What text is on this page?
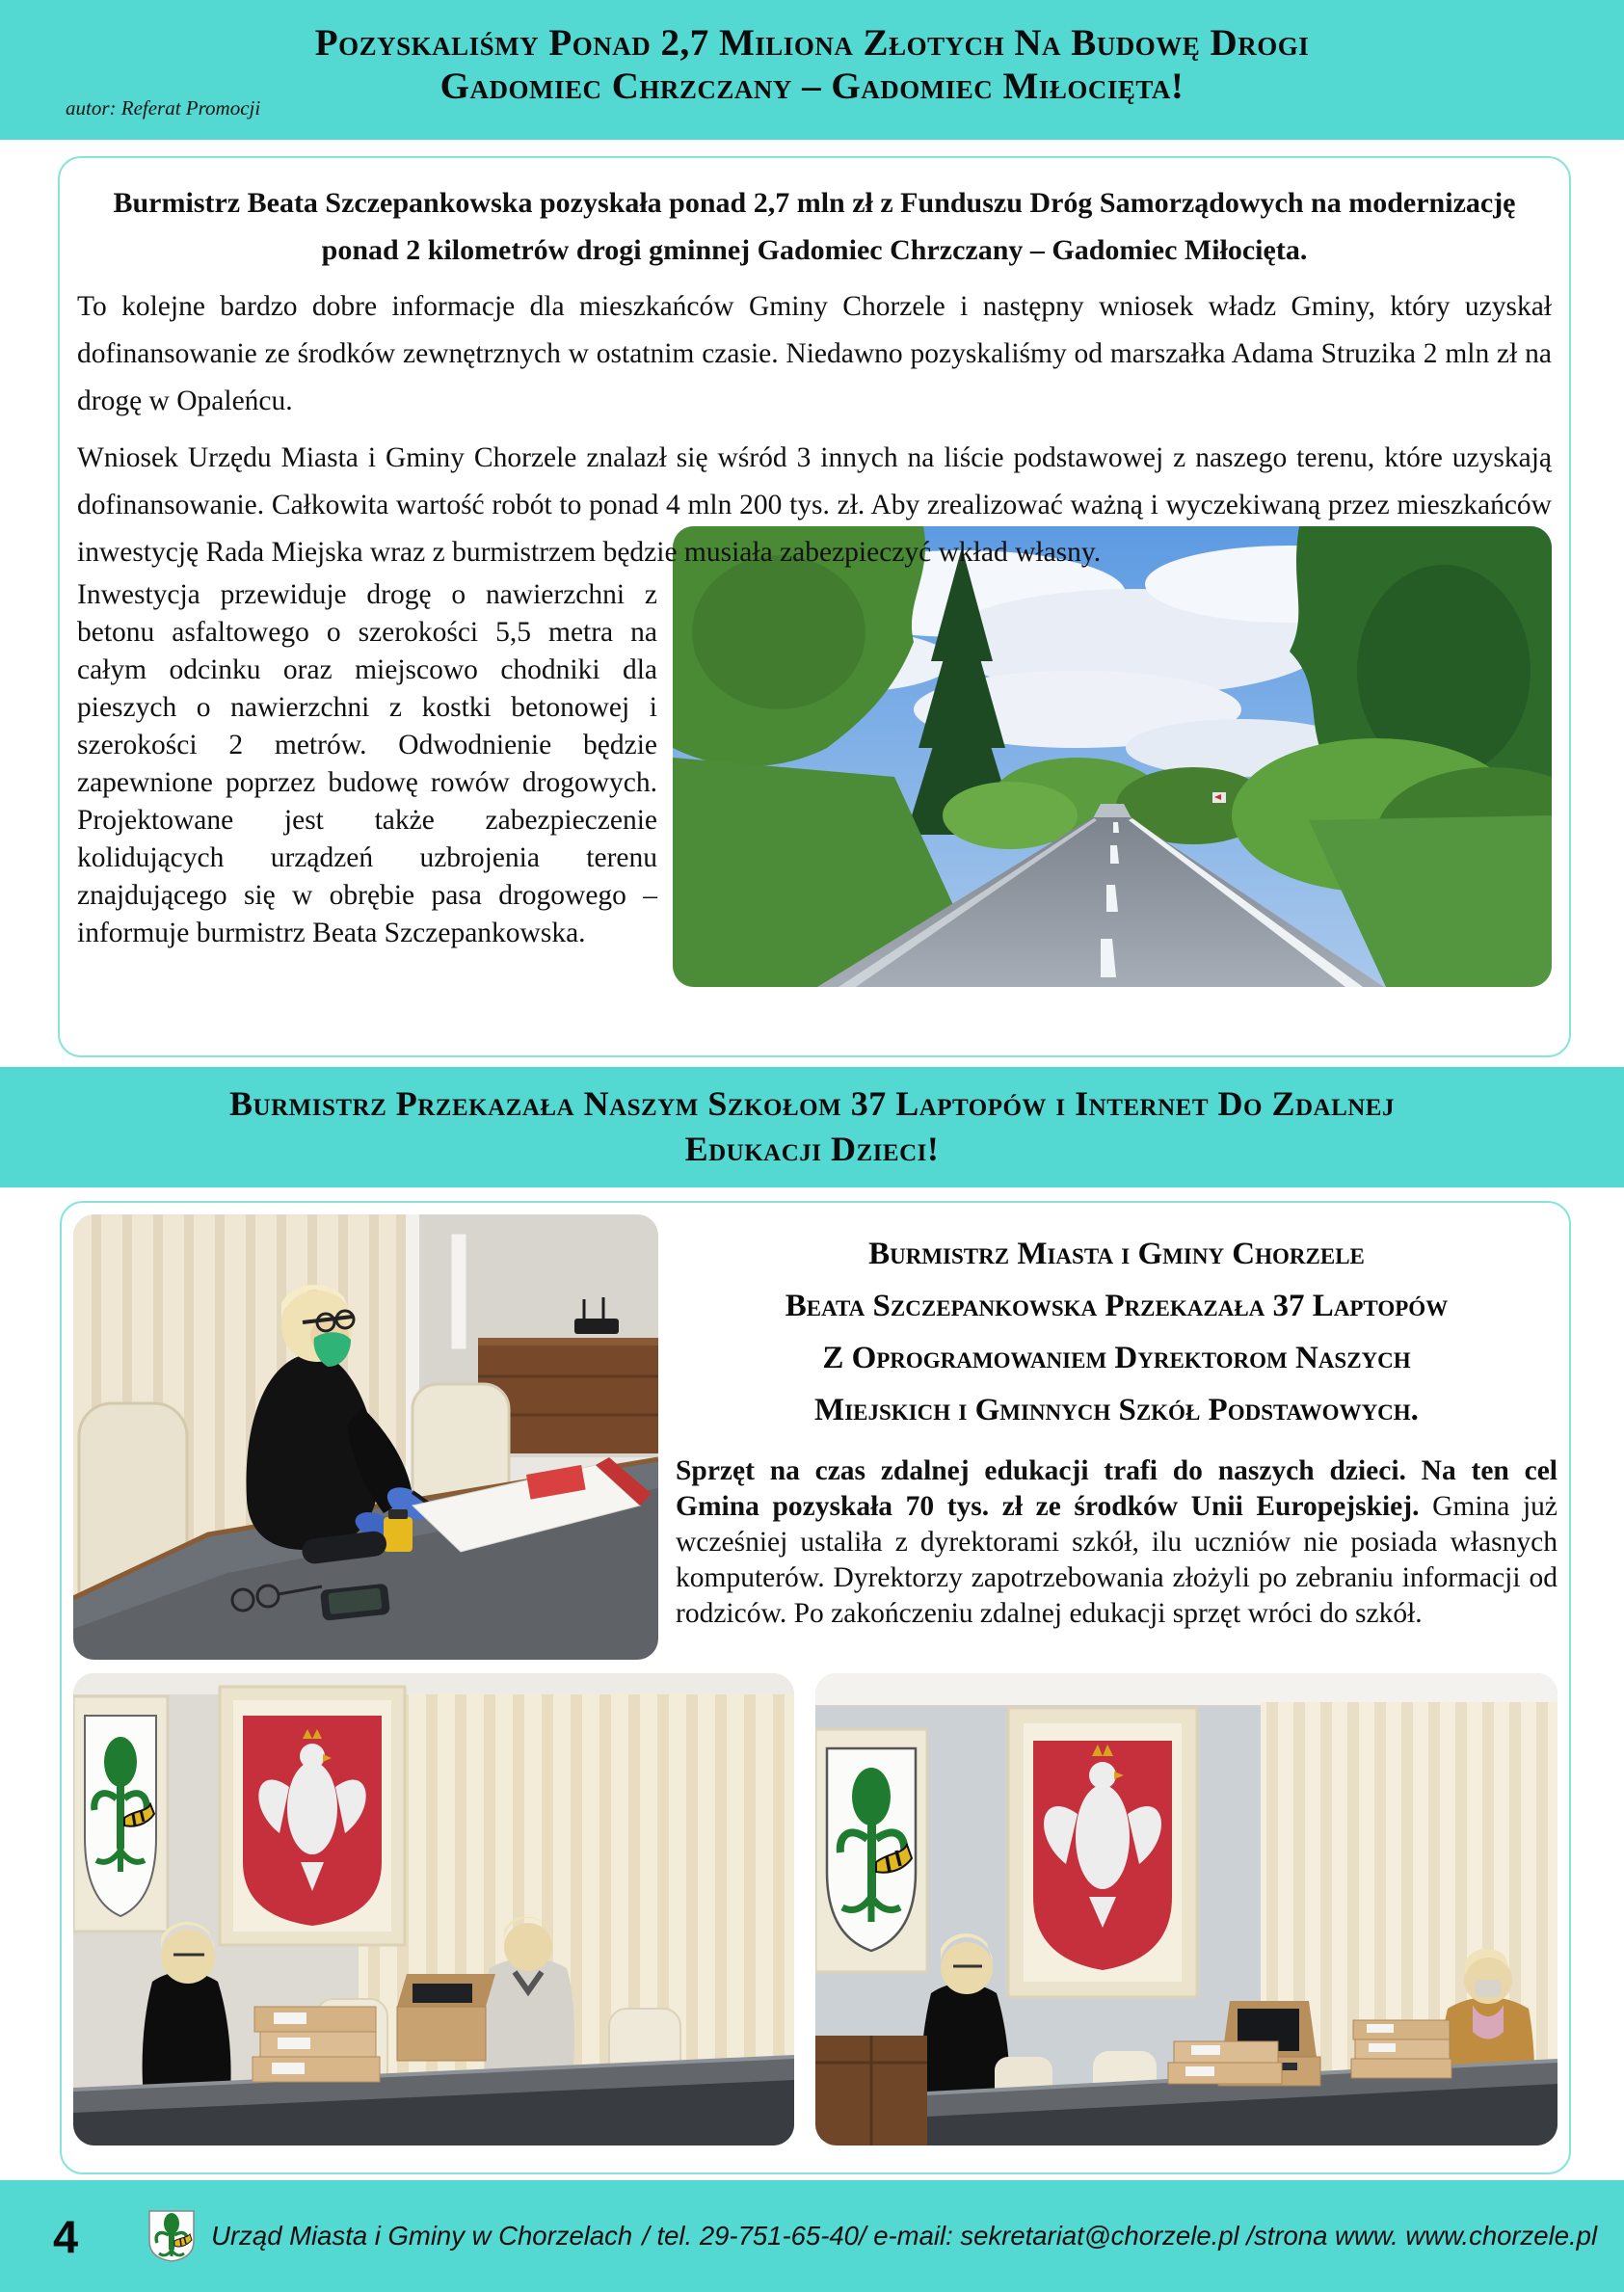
Pozyskaliśmy Ponad 2,7 Miliona Złotych Na Budowę Drogi
Gadomiec Chrzczany – Gadomiec Miłocięta!
autor: Referat Promocji

Burmistrz Beata Szczepankowska pozyskała ponad 2,7 mln zł z Funduszu Dróg Samorządowych na modernizację ponad 2 kilometrów drogi gminnej Gadomiec Chrzczany – Gadomiec Miłocięta.

To kolejne bardzo dobre informacje dla mieszkańców Gminy Chorzele i następny wniosek władz Gminy, który uzyskał dofinansowanie ze środków zewnętrznych w ostatnim czasie. Niedawno pozyskaliśmy od marszałka Adama Struzika 2 mln zł na drogę w Opaleńcu.

Wniosek Urzędu Miasta i Gminy Chorzele znalazł się wśród 3 innych na liście podstawowej z naszego terenu, które uzyskają dofinansowanie. Całkowita wartość robót to ponad 4 mln 200 tys. zł. Aby zrealizować ważną i wyczekiwaną przez mieszkańców inwestycję Rada Miejska wraz z burmistrzem będzie musiała zabezpieczyć wkład własny.

Inwestycja przewiduje drogę o nawierzchni z betonu asfaltowego o szerokości 5,5 metra na całym odcinku oraz miejscowo chodniki dla pieszych o nawierzchni z kostki betonowej i szerokości 2 metrów. Odwodnienie będzie zapewnione poprzez budowę rowów drogowych. Projektowane jest także zabezpieczenie kolidujących urządzeń uzbrojenia terenu znajdującego się w obrębie pasa drogowego – informuje burmistrz Beata Szczepankowska.

Burmistrz Przekazała Naszym Szkołom 37 Laptopów i Internet Do Zdalnej
Edukacji Dzieci!
Burmistrz Miasta i Gminy Chorzele
Beata Szczepankowska Przekazała 37 Laptopów
Z Oprogramowaniem Dyrektorom Naszych
Miejskich i Gminnych Szkół Podstawowych.

Sprzęt na czas zdalnej edukacji trafi do naszych dzieci. Na ten cel Gmina pozyskała 70 tys. zł ze środków Unii Europejskiej. Gmina już wcześniej ustaliła z dyrektorami szkół, ilu uczniów nie posiada własnych komputerów. Dyrektorzy zapotrzebowania złożyli po zebraniu informacji od rodziców. Po zakończeniu zdalnej edukacji sprzęt wróci do szkół.

4	Urząd Miasta i Gminy w Chorzelach / tel. 29-751-65-40/ e-mail: sekretariat@chorzele.pl /strona www. www.chorzele.pl
